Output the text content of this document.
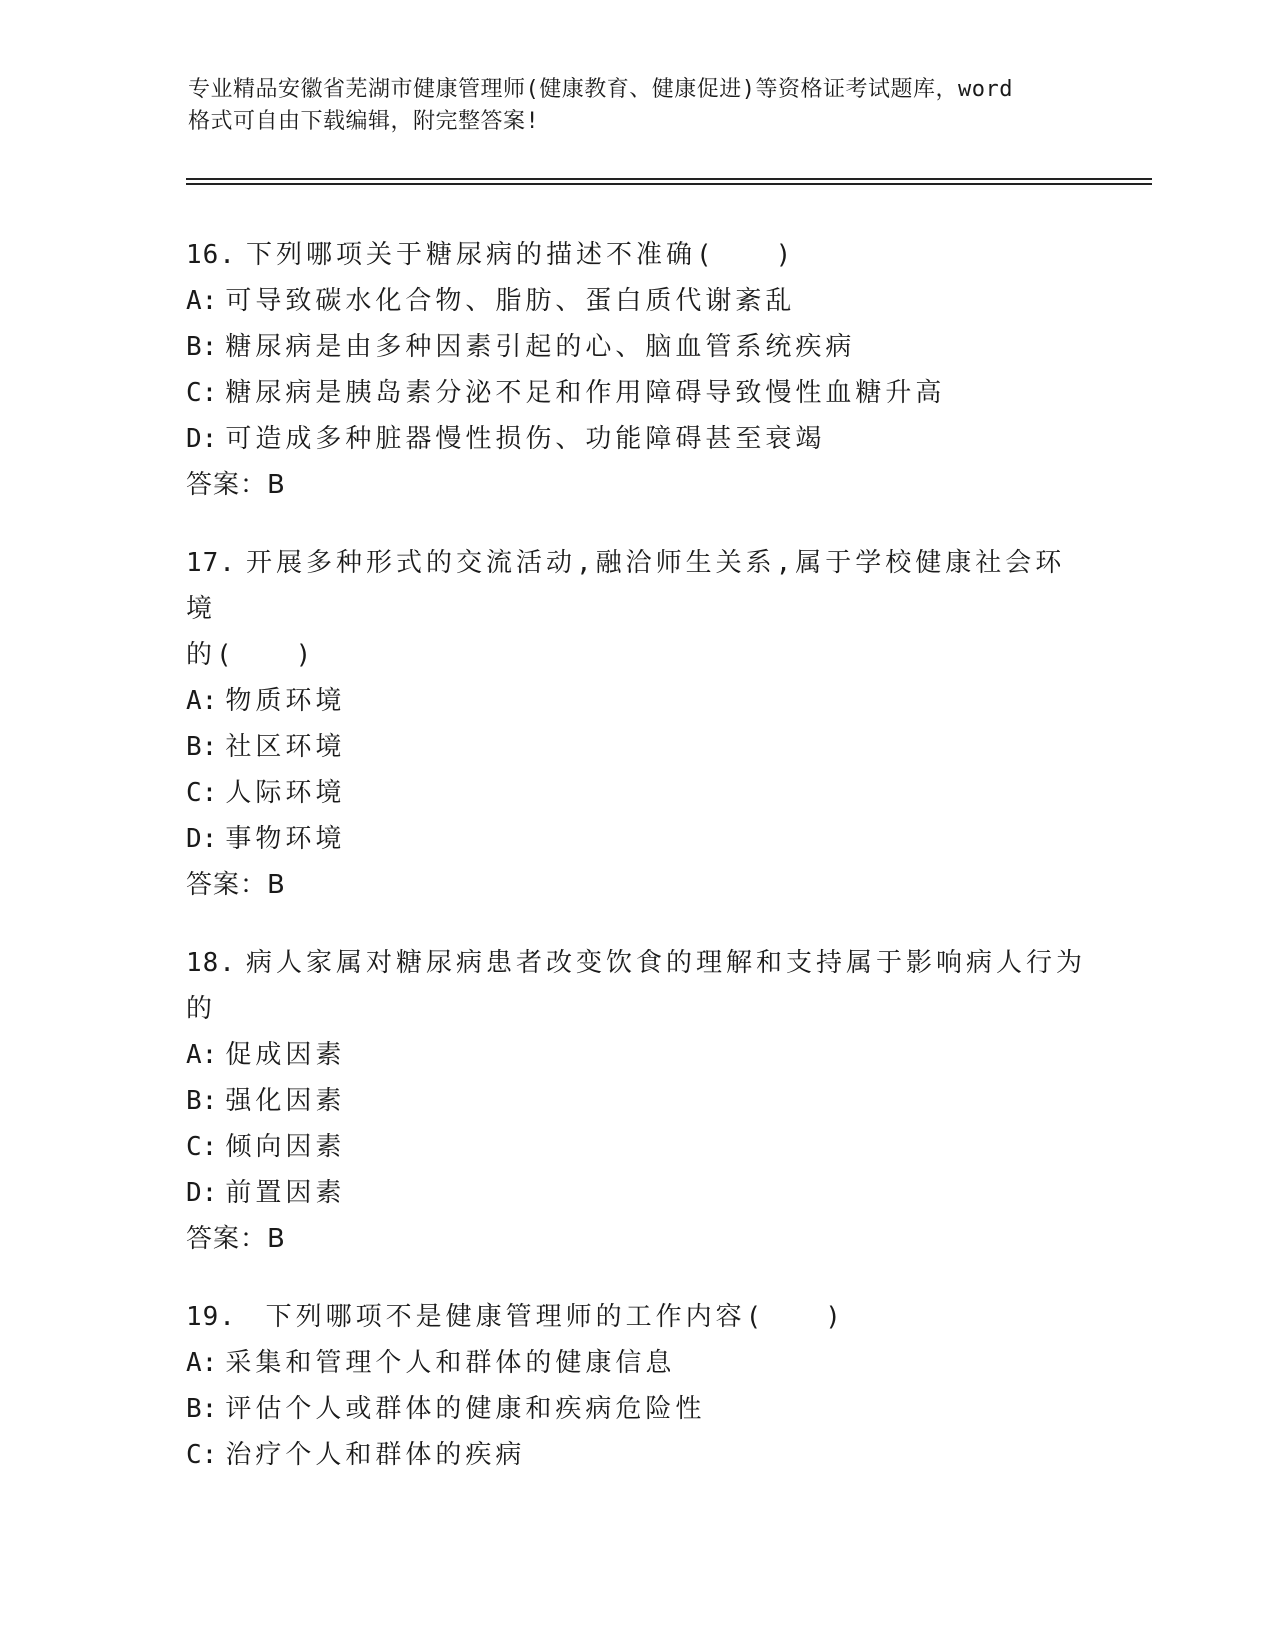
专业精品安徽省芜湖市健康管理师(健康教育、健康促进)等资格证考试题库，word
格式可自由下载编辑，附完整答案!
16. 下列哪项关于糖尿病的描述不准确(　　)
A: 可导致碳水化合物、脂肪、蛋白质代谢紊乱
B: 糖尿病是由多种因素引起的心、脑血管系统疾病
C: 糖尿病是胰岛素分泌不足和作用障碍导致慢性血糖升高
D: 可造成多种脏器慢性损伤、功能障碍甚至衰竭
答案：B
17. 开展多种形式的交流活动,融洽师生关系,属于学校健康社会环境
的(　　)
A: 物质环境
B: 社区环境
C: 人际环境
D: 事物环境
答案：B
18. 病人家属对糖尿病患者改变饮食的理解和支持属于影响病人行为
的
A: 促成因素
B: 强化因素
C: 倾向因素
D: 前置因素
答案：B
19. 下列哪项不是健康管理师的工作内容(　　)
A: 采集和管理个人和群体的健康信息
B: 评估个人或群体的健康和疾病危险性
C: 治疗个人和群体的疾病
